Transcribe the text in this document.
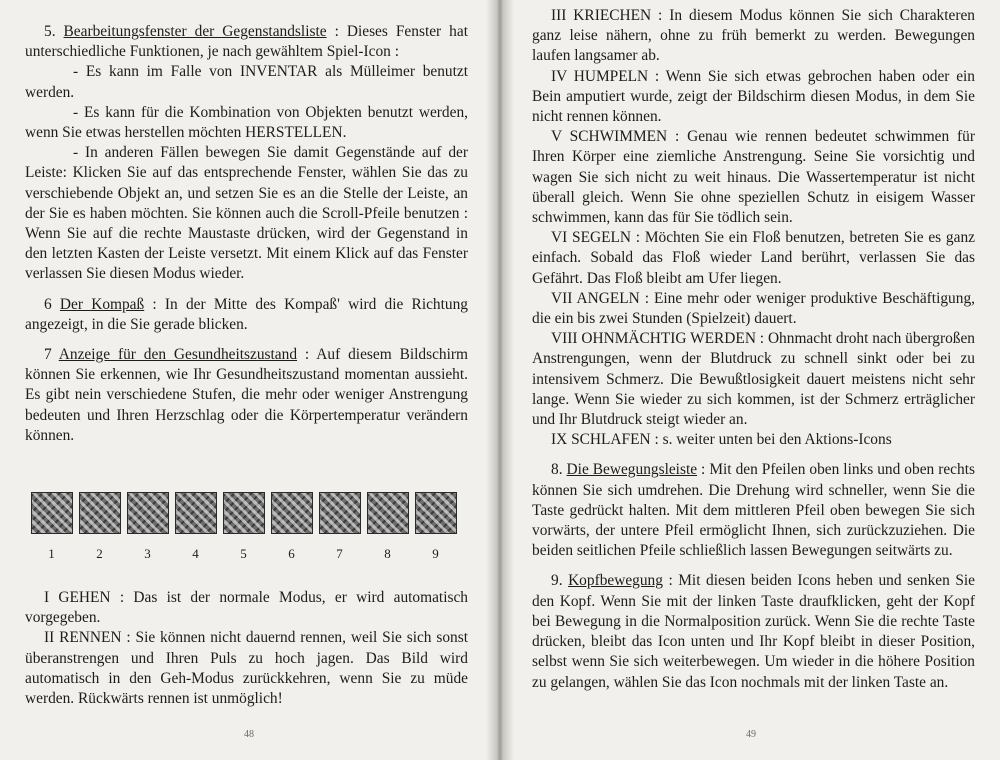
5. Bearbeitungsfenster der Gegenstandsliste : Dieses Fenster hat unterschiedliche Funktionen, je nach gewähltem Spiel-Icon :

- Es kann im Falle von INVENTAR als Mülleimer benutzt werden.

- Es kann für die Kombination von Objekten benutzt werden, wenn Sie etwas herstellen möchten HERSTELLEN.

- In anderen Fällen bewegen Sie damit Gegenstände auf der Leiste: Klicken Sie auf das entsprechende Fenster, wählen Sie das zu verschiebende Objekt an, und setzen Sie es an die Stelle der Leiste, an der Sie es haben möchten. Sie können auch die Scroll-Pfeile benutzen : Wenn Sie auf die rechte Maustaste drücken, wird der Gegenstand in den letzten Kasten der Leiste versetzt. Mit einem Klick auf das Fenster verlassen Sie diesen Modus wieder.

6 Der Kompaß : In der Mitte des Kompaß' wird die Richtung angezeigt, in die Sie gerade blicken.

7 Anzeige für den Gesundheitszustand : Auf diesem Bildschirm können Sie erkennen, wie Ihr Gesundheitszustand momentan aussieht. Es gibt nein verschiedene Stufen, die mehr oder weniger Anstrengung bedeuten und Ihren Herzschlag oder die Körpertemperatur verändern können.

1	2	3	4	5	6	7	8	9

I GEHEN : Das ist der normale Modus, er wird automatisch vorgegeben.

II RENNEN : Sie können nicht dauernd rennen, weil Sie sich sonst überanstrengen und Ihren Puls zu hoch jagen. Das Bild wird automatisch in den Geh-Modus zurückkehren, wenn Sie zu müde werden. Rückwärts rennen ist unmöglich!

III KRIECHEN : In diesem Modus können Sie sich Charakteren ganz leise nähern, ohne zu früh bemerkt zu werden. Bewegungen laufen langsamer ab.

IV HUMPELN : Wenn Sie sich etwas gebrochen haben oder ein Bein amputiert wurde, zeigt der Bildschirm diesen Modus, in dem Sie nicht rennen können.

V SCHWIMMEN : Genau wie rennen bedeutet schwimmen für Ihren Körper eine ziemliche Anstrengung. Seine Sie vorsichtig und wagen Sie sich nicht zu weit hinaus. Die Wassertemperatur ist nicht überall gleich. Wenn Sie ohne speziellen Schutz in eisigem Wasser schwimmen, kann das für Sie tödlich sein.

VI SEGELN : Möchten Sie ein Floß benutzen, betreten Sie es ganz einfach. Sobald das Floß wieder Land berührt, verlassen Sie das Gefährt. Das Floß bleibt am Ufer liegen.

VII ANGELN : Eine mehr oder weniger produktive Beschäftigung, die ein bis zwei Stunden (Spielzeit) dauert.

VIII OHNMÄCHTIG WERDEN : Ohnmacht droht nach übergroßen Anstrengungen, wenn der Blutdruck zu schnell sinkt oder bei zu intensivem Schmerz. Die Bewußtlosigkeit dauert meistens nicht sehr lange. Wenn Sie wieder zu sich kommen, ist der Schmerz erträglicher und Ihr Blutdruck steigt wieder an.

IX SCHLAFEN : s. weiter unten bei den Aktions-Icons

8. Die Bewegungsleiste : Mit den Pfeilen oben links und oben rechts können Sie sich umdrehen. Die Drehung wird schneller, wenn Sie die Taste gedrückt halten. Mit dem mittleren Pfeil oben bewegen Sie sich vorwärts, der untere Pfeil ermöglicht Ihnen, sich zurückzuziehen. Die beiden seitlichen Pfeile schließlich lassen Bewegungen seitwärts zu.

9. Kopfbewegung : Mit diesen beiden Icons heben und senken Sie den Kopf. Wenn Sie mit der linken Taste draufklicken, geht der Kopf bei Bewegung in die Normalposition zurück. Wenn Sie die rechte Taste drücken, bleibt das Icon unten und Ihr Kopf bleibt in dieser Position, selbst wenn Sie sich weiterbewegen. Um wieder in die höhere Position zu gelangen, wählen Sie das Icon nochmals mit der linken Taste an.

48	49
